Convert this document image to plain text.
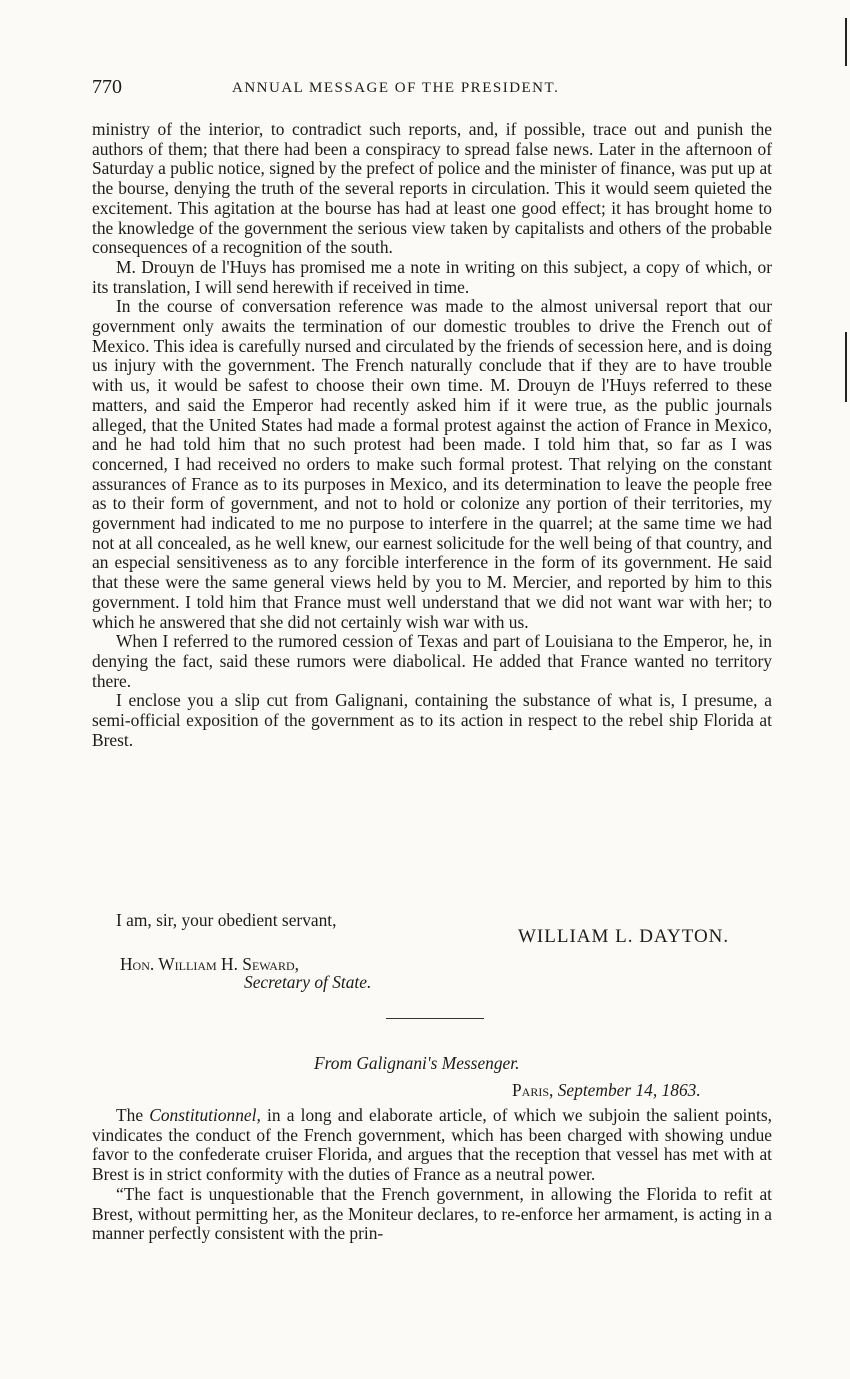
770	ANNUAL MESSAGE OF THE PRESIDENT.

ministry of the interior, to contradict such reports, and, if possible, trace out and punish the authors of them; that there had been a conspiracy to spread false news. Later in the afternoon of Saturday a public notice, signed by the prefect of police and the minister of finance, was put up at the bourse, denying the truth of the several reports in circulation. This it would seem quieted the excitement. This agitation at the bourse has had at least one good effect; it has brought home to the knowledge of the government the serious view taken by capitalists and others of the probable consequences of a recognition of the south.

M. Drouyn de l'Huys has promised me a note in writing on this subject, a copy of which, or its translation, I will send herewith if received in time.

In the course of conversation reference was made to the almost universal report that our government only awaits the termination of our domestic troubles to drive the French out of Mexico. This idea is carefully nursed and circulated by the friends of secession here, and is doing us injury with the government. The French naturally conclude that if they are to have trouble with us, it would be safest to choose their own time. M. Drouyn de l'Huys referred to these matters, and said the Emperor had recently asked him if it were true, as the public journals alleged, that the United States had made a formal protest against the action of France in Mexico, and he had told him that no such protest had been made. I told him that, so far as I was concerned, I had received no orders to make such formal protest. That relying on the constant assurances of France as to its purposes in Mexico, and its determination to leave the people free as to their form of government, and not to hold or colonize any portion of their territories, my government had indicated to me no purpose to interfere in the quarrel; at the same time we had not at all concealed, as he well knew, our earnest solicitude for the well being of that country, and an especial sensitiveness as to any forcible interference in the form of its government. He said that these were the same general views held by you to M. Mercier, and reported by him to this government. I told him that France must well understand that we did not want war with her; to which he answered that she did not certainly wish war with us.

When I referred to the rumored cession of Texas and part of Louisiana to the Emperor, he, in denying the fact, said these rumors were diabolical. He added that France wanted no territory there.

I enclose you a slip cut from Galignani, containing the substance of what is, I presume, a semi-official exposition of the government as to its action in respect to the rebel ship Florida at Brest.

I am, sir, your obedient servant,
WILLIAM L. DAYTON.
Hon. William H. Seward,
Secretary of State.
From Galignani's Messenger.
Paris, September 14, 1863.

The Constitutionnel, in a long and elaborate article, of which we subjoin the salient points, vindicates the conduct of the French government, which has been charged with showing undue favor to the confederate cruiser Florida, and argues that the reception that vessel has met with at Brest is in strict conformity with the duties of France as a neutral power.

“The fact is unquestionable that the French government, in allowing the Florida to refit at Brest, without permitting her, as the Moniteur declares, to re-enforce her armament, is acting in a manner perfectly consistent with the prin-
